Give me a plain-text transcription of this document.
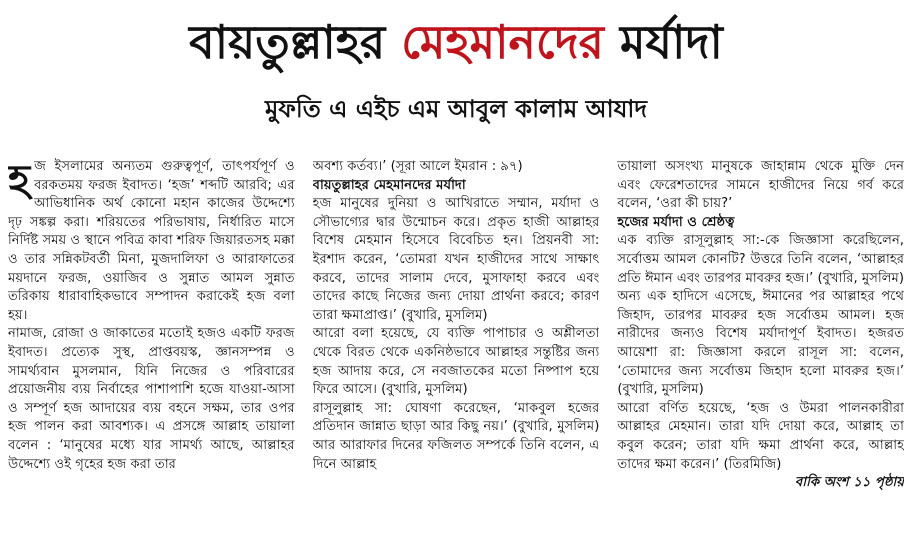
বায়তুল্লাহর মেহমানদের মর্যাদা
মুফতি এ এইচ এম আবুল কালাম আযাদ

হজ ইসলামের অন্যতম গুরুত্বপূর্ণ, তাৎপর্যপূর্ণ ও বরকতময় ফরজ ইবাদত। ‘হজ’ শব্দটি আরবি; এর আভিধানিক অর্থ কোনো মহান কাজের উদ্দেশ্যে দৃঢ় সঙ্কল্প করা। শরিয়তের পরিভাষায়, নির্ধারিত মাসে নির্দিষ্ট সময় ও স্থানে পবিত্র কাবা শরিফ জিয়ারতসহ মক্কা ও তার সন্নিকটবর্তী মিনা, মুজদালিফা ও আরাফাতের ময়দানে ফরজ, ওয়াজিব ও সুন্নাত আমল সুন্নাত তরিকায় ধারাবাহিকভাবে সম্পাদন করাকেই হজ বলা হয়।

নামাজ, রোজা ও জাকাতের মতোই হজও একটি ফরজ ইবাদত। প্রত্যেক সুস্থ, প্রাপ্তবয়স্ক, জ্ঞানসম্পন্ন ও সামর্থ্যবান মুসলমান, যিনি নিজের ও পরিবারের প্রয়োজনীয় ব্যয় নির্বাহের পাশাপাশি হজে যাওয়া-আসা ও সম্পূর্ণ হজ আদায়ের ব্যয় বহনে সক্ষম, তার ওপর হজ পালন করা আবশ্যক। এ প্রসঙ্গে আল্লাহ তায়ালা বলেন : ‘মানুষের মধ্যে যার সামর্থ্য আছে, আল্লাহর উদ্দেশ্যে ওই গৃহের হজ করা তার

অবশ্য কর্তব্য।’ (সূরা আলে ইমরান : ৯৭)

বায়তুল্লাহর মেহমানদের মর্যাদা

হজ মানুষের দুনিয়া ও আখিরাতে সম্মান, মর্যাদা ও সৌভাগ্যের দ্বার উন্মোচন করে। প্রকৃত হাজী আল্লাহর বিশেষ মেহমান হিসেবে বিবেচিত হন। প্রিয়নবী সা: ইরশাদ করেন, ‘তোমরা যখন হাজীদের সাথে সাক্ষাৎ করবে, তাদের সালাম দেবে, মুসাফাহা করবে এবং তাদের কাছে নিজের জন্য দোয়া প্রার্থনা করবে; কারণ তারা ক্ষমাপ্রাপ্ত।’ (বুখারি, মুসলিম)

আরো বলা হয়েছে, যে ব্যক্তি পাপাচার ও অশ্লীলতা থেকে বিরত থেকে একনিষ্ঠভাবে আল্লাহর সন্তুষ্টির জন্য হজ আদায় করে, সে নবজাতকের মতো নিষ্পাপ হয়ে ফিরে আসে। (বুখারি, মুসলিম)

রাসূলুল্লাহ সা: ঘোষণা করেছেন, ‘মাকবুল হজের প্রতিদান জান্নাত ছাড়া আর কিছু নয়।’ (বুখারি, মুসলিম) আর আরাফার দিনের ফজিলত সম্পর্কে তিনি বলেন, এ দিনে আল্লাহ

তায়ালা অসংখ্য মানুষকে জাহান্নাম থেকে মুক্তি দেন এবং ফেরেশতাদের সামনে হাজীদের নিয়ে গর্ব করে বলেন, ‘ওরা কী চায়?’

হজের মর্যাদা ও শ্রেষ্ঠত্ব

এক ব্যক্তি রাসূলুল্লাহ সা:-কে জিজ্ঞাসা করেছিলেন, সর্বোত্তম আমল কোনটি? উত্তরে তিনি বলেন, ‘আল্লাহর প্রতি ঈমান এবং তারপর মাবরুর হজ।’ (বুখারি, মুসলিম) অন্য এক হাদিসে এসেছে, ঈমানের পর আল্লাহর পথে জিহাদ, তারপর মাবরুর হজ সর্বোত্তম আমল। হজ নারীদের জন্যও বিশেষ মর্যাদাপূর্ণ ইবাদত। হজরত আয়েশা রা: জিজ্ঞাসা করলে রাসূল সা: বলেন, ‘তোমাদের জন্য সর্বোত্তম জিহাদ হলো মাবরুর হজ।’ (বুখারি, মুসলিম)

আরো বর্ণিত হয়েছে, ‘হজ ও উমরা পালনকারীরা আল্লাহর মেহমান। তারা যদি দোয়া করে, আল্লাহ তা কবুল করেন; তারা যদি ক্ষমা প্রার্থনা করে, আল্লাহ তাদের ক্ষমা করেন।’ (তিরমিজি)

বাকি অংশ ১১ পৃষ্ঠায়
